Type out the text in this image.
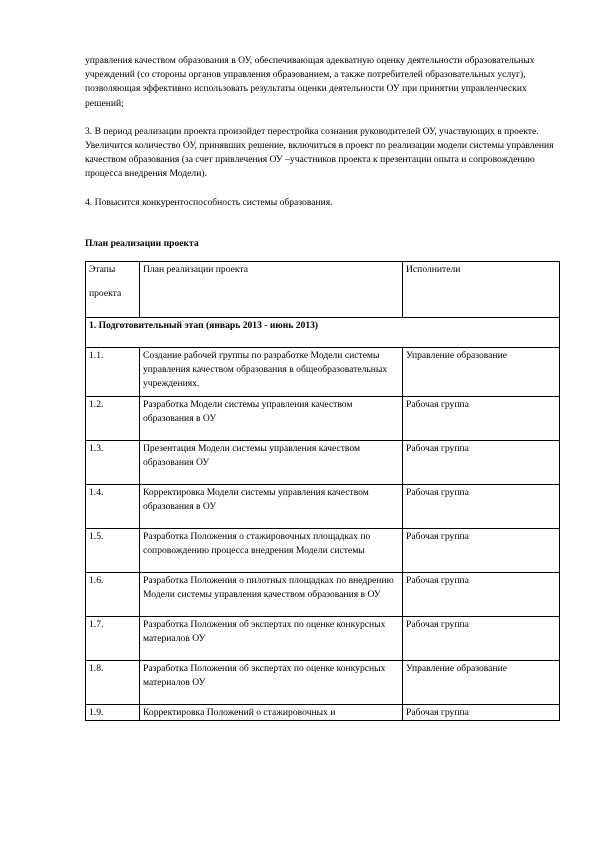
управления качеством образования в ОУ, обеспечивающая адекватную оценку деятельности образовательных учреждений (со стороны органов управления образованием, а также потребителей образовательных услуг), позволяющая эффективно использовать результаты оценки деятельности ОУ при принятии управленческих решений;

3. В период реализации проекта произойдет перестройка сознания руководителей ОУ, участвующих в проекте. Увеличится количество ОУ, принявших решение, включиться в проект по реализации модели системы управления качеством образования (за счет привлечения ОУ –участников проекта к презентации опыта и сопровождению процесса внедрения Модели).

4. Повысится конкурентоспособность системы образования.

План реализации проекта

Этапы
проекта	План реализации проекта	Исполнители
1. Подготовительный этап (январь 2013 - июнь 2013)		
1.1.	Создание рабочей группы по разработке Модели системы управления качеством образования в общеобразовательных учреждениях.	Управление образование
1.2.	Разработка Модели системы управления качеством образования в ОУ	Рабочая группа
1.3.	Презентация Модели системы управления качеством образования ОУ	Рабочая группа
1.4.	Корректировка Модели системы управления качеством образования в ОУ	Рабочая группа
1.5.	Разработка Положения о стажировочных площадках по сопровождению процесса внедрения Модели системы	Рабочая группа
1.6.	Разработка Положения о пилотных площадках по внедрению Модели системы управления качеством образования в ОУ	Рабочая группа
1.7.	Разработка Положения об экспертах по оценке конкурсных материалов ОУ	Рабочая группа
1.8.	Разработка Положения об экспертах по оценке конкурсных материалов ОУ	Управление образование
1.9.	Корректировка Положений о стажировочных и	Рабочая группа
